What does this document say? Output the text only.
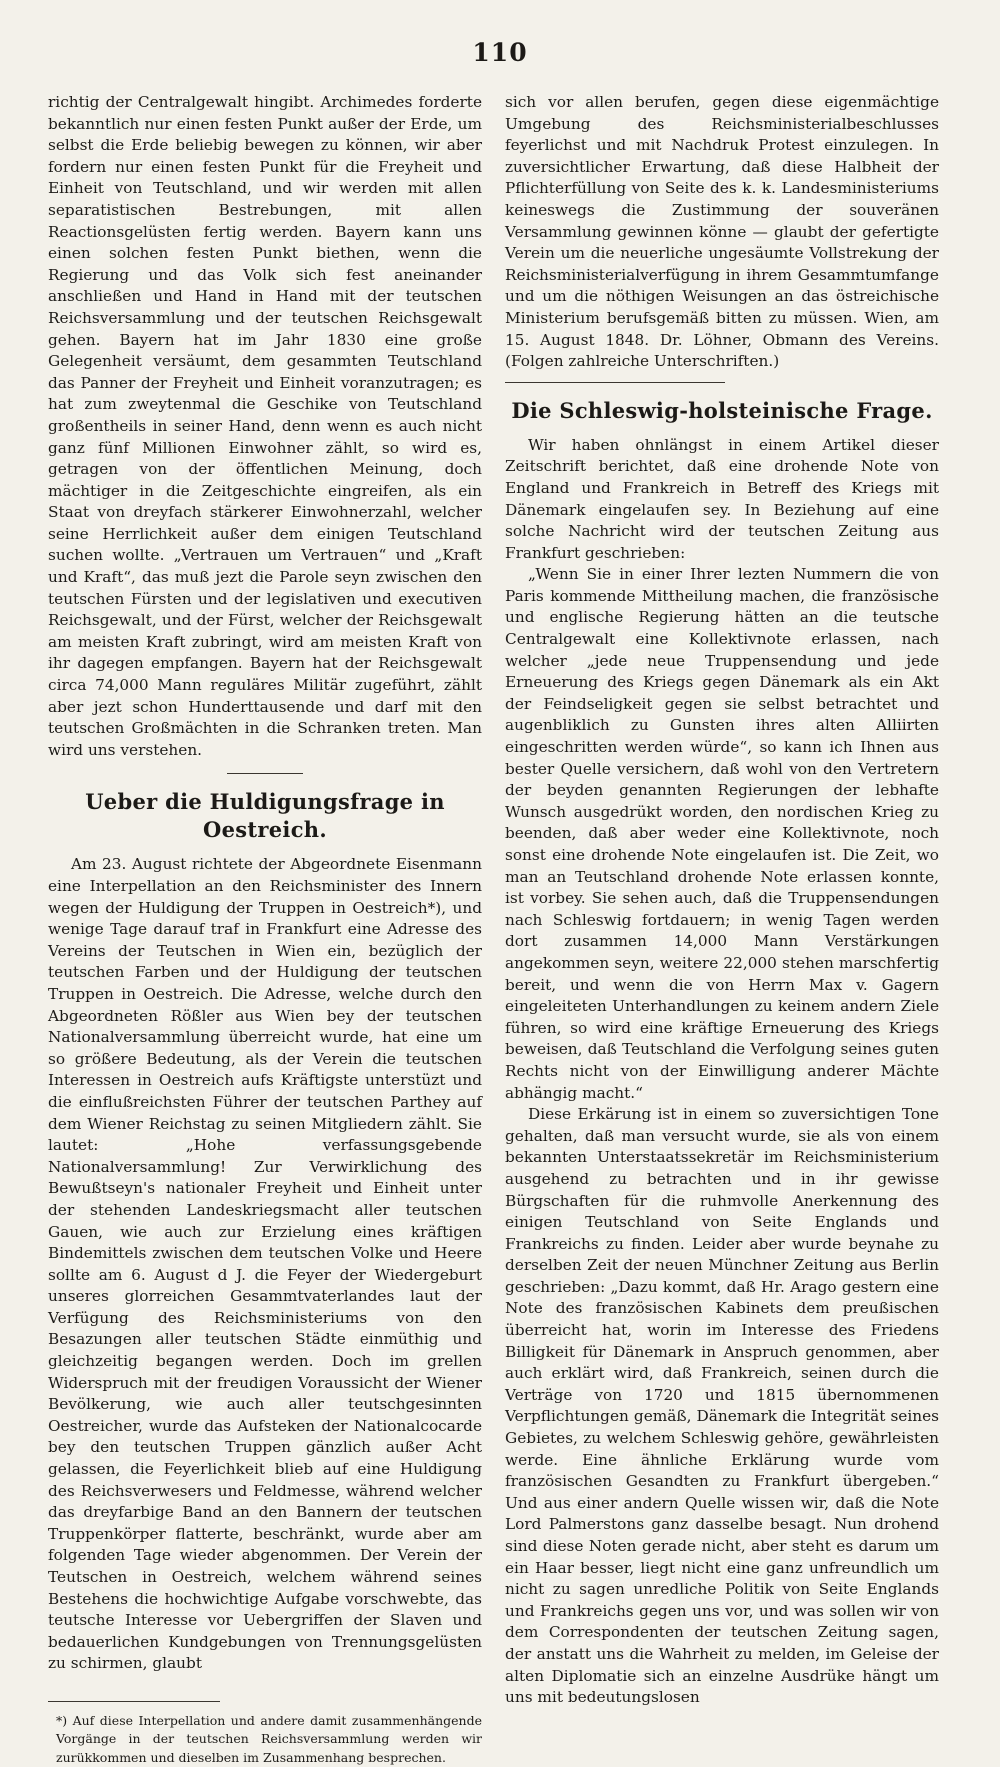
110

richtig der Centralgewalt hingibt. Archimedes forderte bekanntlich nur einen festen Punkt außer der Erde, um selbst die Erde beliebig bewegen zu können, wir aber fordern nur einen festen Punkt für die Freyheit und Einheit von Teutschland, und wir werden mit allen separatistischen Bestrebungen, mit allen Reactionsgelüsten fertig werden. Bayern kann uns einen solchen festen Punkt biethen, wenn die Regierung und das Volk sich fest aneinander anschließen und Hand in Hand mit der teutschen Reichsversammlung und der teutschen Reichsgewalt gehen. Bayern hat im Jahr 1830 eine große Gelegenheit versäumt, dem gesammten Teutschland das Panner der Freyheit und Einheit voranzutragen; es hat zum zweytenmal die Geschike von Teutschland großentheils in seiner Hand, denn wenn es auch nicht ganz fünf Millionen Einwohner zählt, so wird es, getragen von der öffentlichen Meinung, doch mächtiger in die Zeitgeschichte eingreifen, als ein Staat von dreyfach stärkerer Einwohnerzahl, welcher seine Herrlichkeit außer dem einigen Teutschland suchen wollte. „Vertrauen um Vertrauen“ und „Kraft und Kraft“, das muß jezt die Parole seyn zwischen den teutschen Fürsten und der legislativen und executiven Reichsgewalt, und der Fürst, welcher der Reichsgewalt am meisten Kraft zubringt, wird am meisten Kraft von ihr dagegen empfangen. Bayern hat der Reichsgewalt circa 74,000 Mann reguläres Militär zugeführt, zählt aber jezt schon Hunderttausende und darf mit den teutschen Großmächten in die Schranken treten. Man wird uns verstehen.

Ueber die Huldigungsfrage in Oestreich.

Am 23. August richtete der Abgeordnete Eisenmann eine Interpellation an den Reichsminister des Innern wegen der Huldigung der Truppen in Oestreich*), und wenige Tage darauf traf in Frankfurt eine Adresse des Vereins der Teutschen in Wien ein, bezüglich der teutschen Farben und der Huldigung der teutschen Truppen in Oestreich. Die Adresse, welche durch den Abgeordneten Rößler aus Wien bey der teutschen Nationalversammlung überreicht wurde, hat eine um so größere Bedeutung, als der Verein die teutschen Interessen in Oestreich aufs Kräftigste unterstüzt und die einflußreichsten Führer der teutschen Parthey auf dem Wiener Reichstag zu seinen Mitgliedern zählt. Sie lautet: „Hohe verfassungsgebende Nationalversammlung! Zur Verwirklichung des Bewußtseyn's nationaler Freyheit und Einheit unter der stehenden Landeskriegsmacht aller teutschen Gauen, wie auch zur Erzielung eines kräftigen Bindemittels zwischen dem teutschen Volke und Heere sollte am 6. August d J. die Feyer der Wiedergeburt unseres glorreichen Gesammtvaterlandes laut der Verfügung des Reichsministeriums von den Besazungen aller teutschen Städte einmüthig und gleichzeitig begangen werden. Doch im grellen Widerspruch mit der freudigen Voraussicht der Wiener Bevölkerung, wie auch aller teutschgesinnten Oestreicher, wurde das Aufsteken der Nationalcocarde bey den teutschen Truppen gänzlich außer Acht gelassen, die Feyerlichkeit blieb auf eine Huldigung des Reichsverwesers und Feldmesse, während welcher das dreyfarbige Band an den Bannern der teutschen Truppenkörper flatterte, beschränkt, wurde aber am folgenden Tage wieder abgenommen. Der Verein der Teutschen in Oestreich, welchem während seines Bestehens die hochwichtige Aufgabe vorschwebte, das teutsche Interesse vor Uebergriffen der Slaven und bedauerlichen Kundgebungen von Trennungsgelüsten zu schirmen, glaubt

*) Auf diese Interpellation und andere damit zusammenhängende Vorgänge in der teutschen Reichsversammlung werden wir zurükkommen und dieselben im Zusammenhang besprechen.

sich vor allen berufen, gegen diese eigenmächtige Umgebung des Reichsministerialbeschlusses feyerlichst und mit Nachdruk Protest einzulegen. In zuversichtlicher Erwartung, daß diese Halbheit der Pflichterfüllung von Seite des k. k. Landesministeriums keineswegs die Zustimmung der souveränen Versammlung gewinnen könne — glaubt der gefertigte Verein um die neuerliche ungesäumte Vollstrekung der Reichsministerialverfügung in ihrem Gesammtumfange und um die nöthigen Weisungen an das östreichische Ministerium berufsgemäß bitten zu müssen. Wien, am 15. August 1848. Dr. Löhner, Obmann des Vereins. (Folgen zahlreiche Unterschriften.)

Die Schleswig-holsteinische Frage.

Wir haben ohnlängst in einem Artikel dieser Zeitschrift berichtet, daß eine drohende Note von England und Frankreich in Betreff des Kriegs mit Dänemark eingelaufen sey. In Beziehung auf eine solche Nachricht wird der teutschen Zeitung aus Frankfurt geschrieben:

„Wenn Sie in einer Ihrer lezten Nummern die von Paris kommende Mittheilung machen, die französische und englische Regierung hätten an die teutsche Centralgewalt eine Kollektivnote erlassen, nach welcher „jede neue Truppensendung und jede Erneuerung des Kriegs gegen Dänemark als ein Akt der Feindseligkeit gegen sie selbst betrachtet und augenbliklich zu Gunsten ihres alten Alliirten eingeschritten werden würde“, so kann ich Ihnen aus bester Quelle versichern, daß wohl von den Vertretern der beyden genannten Regierungen der lebhafte Wunsch ausgedrükt worden, den nordischen Krieg zu beenden, daß aber weder eine Kollektivnote, noch sonst eine drohende Note eingelaufen ist. Die Zeit, wo man an Teutschland drohende Note erlassen konnte, ist vorbey. Sie sehen auch, daß die Truppensendungen nach Schleswig fortdauern; in wenig Tagen werden dort zusammen 14,000 Mann Verstärkungen angekommen seyn, weitere 22,000 stehen marschfertig bereit, und wenn die von Herrn Max v. Gagern eingeleiteten Unterhandlungen zu keinem andern Ziele führen, so wird eine kräftige Erneuerung des Kriegs beweisen, daß Teutschland die Verfolgung seines guten Rechts nicht von der Einwilligung anderer Mächte abhängig macht.“

Diese Erkärung ist in einem so zuversichtigen Tone gehalten, daß man versucht wurde, sie als von einem bekannten Unterstaatssekretär im Reichsministerium ausgehend zu betrachten und in ihr gewisse Bürgschaften für die ruhmvolle Anerkennung des einigen Teutschland von Seite Englands und Frankreichs zu finden. Leider aber wurde beynahe zu derselben Zeit der neuen Münchner Zeitung aus Berlin geschrieben: „Dazu kommt, daß Hr. Arago gestern eine Note des französischen Kabinets dem preußischen überreicht hat, worin im Interesse des Friedens Billigkeit für Dänemark in Anspruch genommen, aber auch erklärt wird, daß Frankreich, seinen durch die Verträge von 1720 und 1815 übernommenen Verpflichtungen gemäß, Dänemark die Integrität seines Gebietes, zu welchem Schleswig gehöre, gewährleisten werde. Eine ähnliche Erklärung wurde vom französischen Gesandten zu Frankfurt übergeben.“ Und aus einer andern Quelle wissen wir, daß die Note Lord Palmerstons ganz dasselbe besagt. Nun drohend sind diese Noten gerade nicht, aber steht es darum um ein Haar besser, liegt nicht eine ganz unfreundlich um nicht zu sagen unredliche Politik von Seite Englands und Frankreichs gegen uns vor, und was sollen wir von dem Correspondenten der teutschen Zeitung sagen, der anstatt uns die Wahrheit zu melden, im Geleise der alten Diplomatie sich an einzelne Ausdrüke hängt um uns mit bedeutungslosen
